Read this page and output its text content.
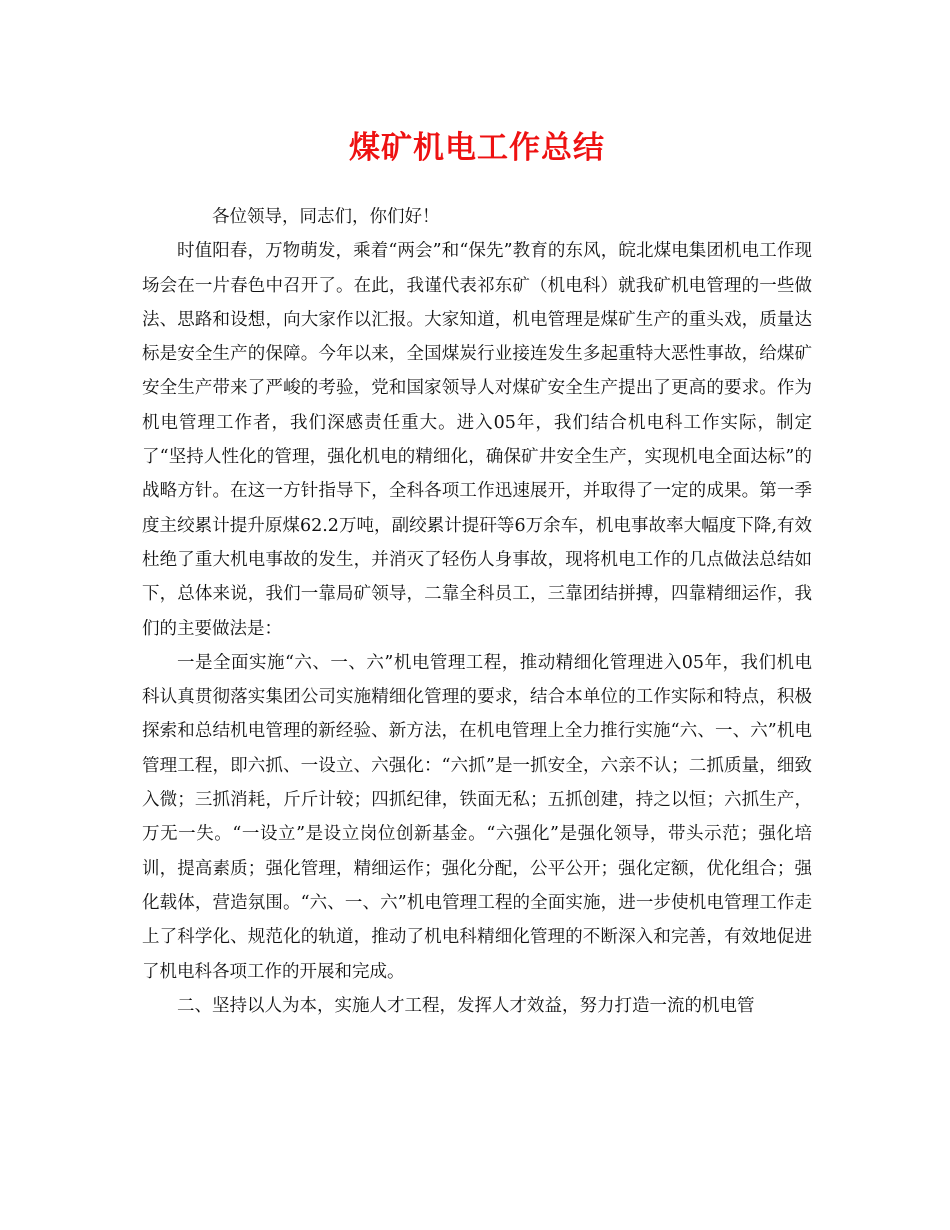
煤矿机电工作总结

各位领导，同志们，你们好！

时值阳春，万物萌发，乘着“两会”和“保先”教育的东风，皖北煤电集团机电工作现场会在一片春色中召开了。在此，我谨代表祁东矿（机电科）就我矿机电管理的一些做法、思路和设想，向大家作以汇报。大家知道，机电管理是煤矿生产的重头戏，质量达标是安全生产的保障。今年以来，全国煤炭行业接连发生多起重特大恶性事故，给煤矿安全生产带来了严峻的考验，党和国家领导人对煤矿安全生产提出了更高的要求。作为机电管理工作者，我们深感责任重大。进入05年，我们结合机电科工作实际，制定了“坚持人性化的管理，强化机电的精细化，确保矿井安全生产，实现机电全面达标”的战略方针。在这一方针指导下，全科各项工作迅速展开，并取得了一定的成果。第一季度主绞累计提升原煤62.2万吨，副绞累计提矸等6万余车，机电事故率大幅度下降,有效杜绝了重大机电事故的发生，并消灭了轻伤人身事故，现将机电工作的几点做法总结如下，总体来说，我们一靠局矿领导，二靠全科员工，三靠团结拼搏，四靠精细运作，我们的主要做法是：

一是全面实施“六、一、六”机电管理工程，推动精细化管理进入05年，我们机电科认真贯彻落实集团公司实施精细化管理的要求，结合本单位的工作实际和特点，积极探索和总结机电管理的新经验、新方法，在机电管理上全力推行实施“六、一、六”机电管理工程，即六抓、一设立、六强化：“六抓”是一抓安全，六亲不认；二抓质量，细致入微；三抓消耗，斤斤计较；四抓纪律，铁面无私；五抓创建，持之以恒；六抓生产，万无一失。“一设立”是设立岗位创新基金。“六强化”是强化领导，带头示范；强化培训，提高素质；强化管理，精细运作；强化分配，公平公开；强化定额，优化组合；强化载体，营造氛围。“六、一、六”机电管理工程的全面实施，进一步使机电管理工作走上了科学化、规范化的轨道，推动了机电科精细化管理的不断深入和完善，有效地促进了机电科各项工作的开展和完成。

二、坚持以人为本，实施人才工程，发挥人才效益，努力打造一流的机电管
